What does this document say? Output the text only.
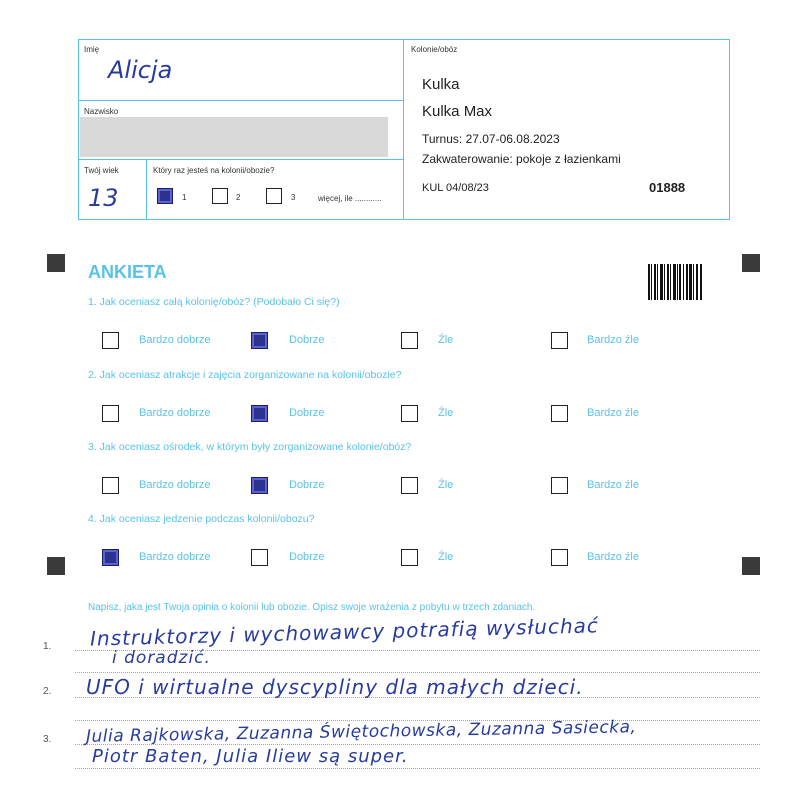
Imię
Alicja
Nazwisko
Twój wiek
13
Który raz jesteś na kolonii/obozie?
1	2	3	więcej, ile ............
Kolonie/obóz
Kulka
Kulka Max
Turnus: 27.07-06.08.2023
Zakwaterowanie: pokoje z łazienkami
KUL 04/08/23	01888
ANKIETA
1. Jak oceniasz całą kolonię/obóz? (Podobało Ci się?)
Bardzo dobrze	Dobrze	Źle	Bardzo źle
2. Jak oceniasz atrakcje i zajęcia zorganizowane na kolonii/obozie?
Bardzo dobrze	Dobrze	Źle	Bardzo źle
3. Jak oceniasz ośrodek, w którym były zorganizowane kolonie/obóz?
Bardzo dobrze	Dobrze	Źle	Bardzo źle
4. Jak oceniasz jedzenie podczas kolonii/obozu?
Bardzo dobrze	Dobrze	Źle	Bardzo źle
Napisz, jaka jest Twoja opinia o kolonii lub obozie. Opisz swoje wrażenia z pobytu w trzech zdaniach.
1.
2.
3.
Instruktorzy i wychowawcy potrafią wysłuchać
i doradzić.
UFO i wirtualne dyscypliny dla małych dzieci.
Julia Rajkowska, Zuzanna Świętochowska, Zuzanna Sasiecka,
Piotr Baten, Julia Iliew są super.
